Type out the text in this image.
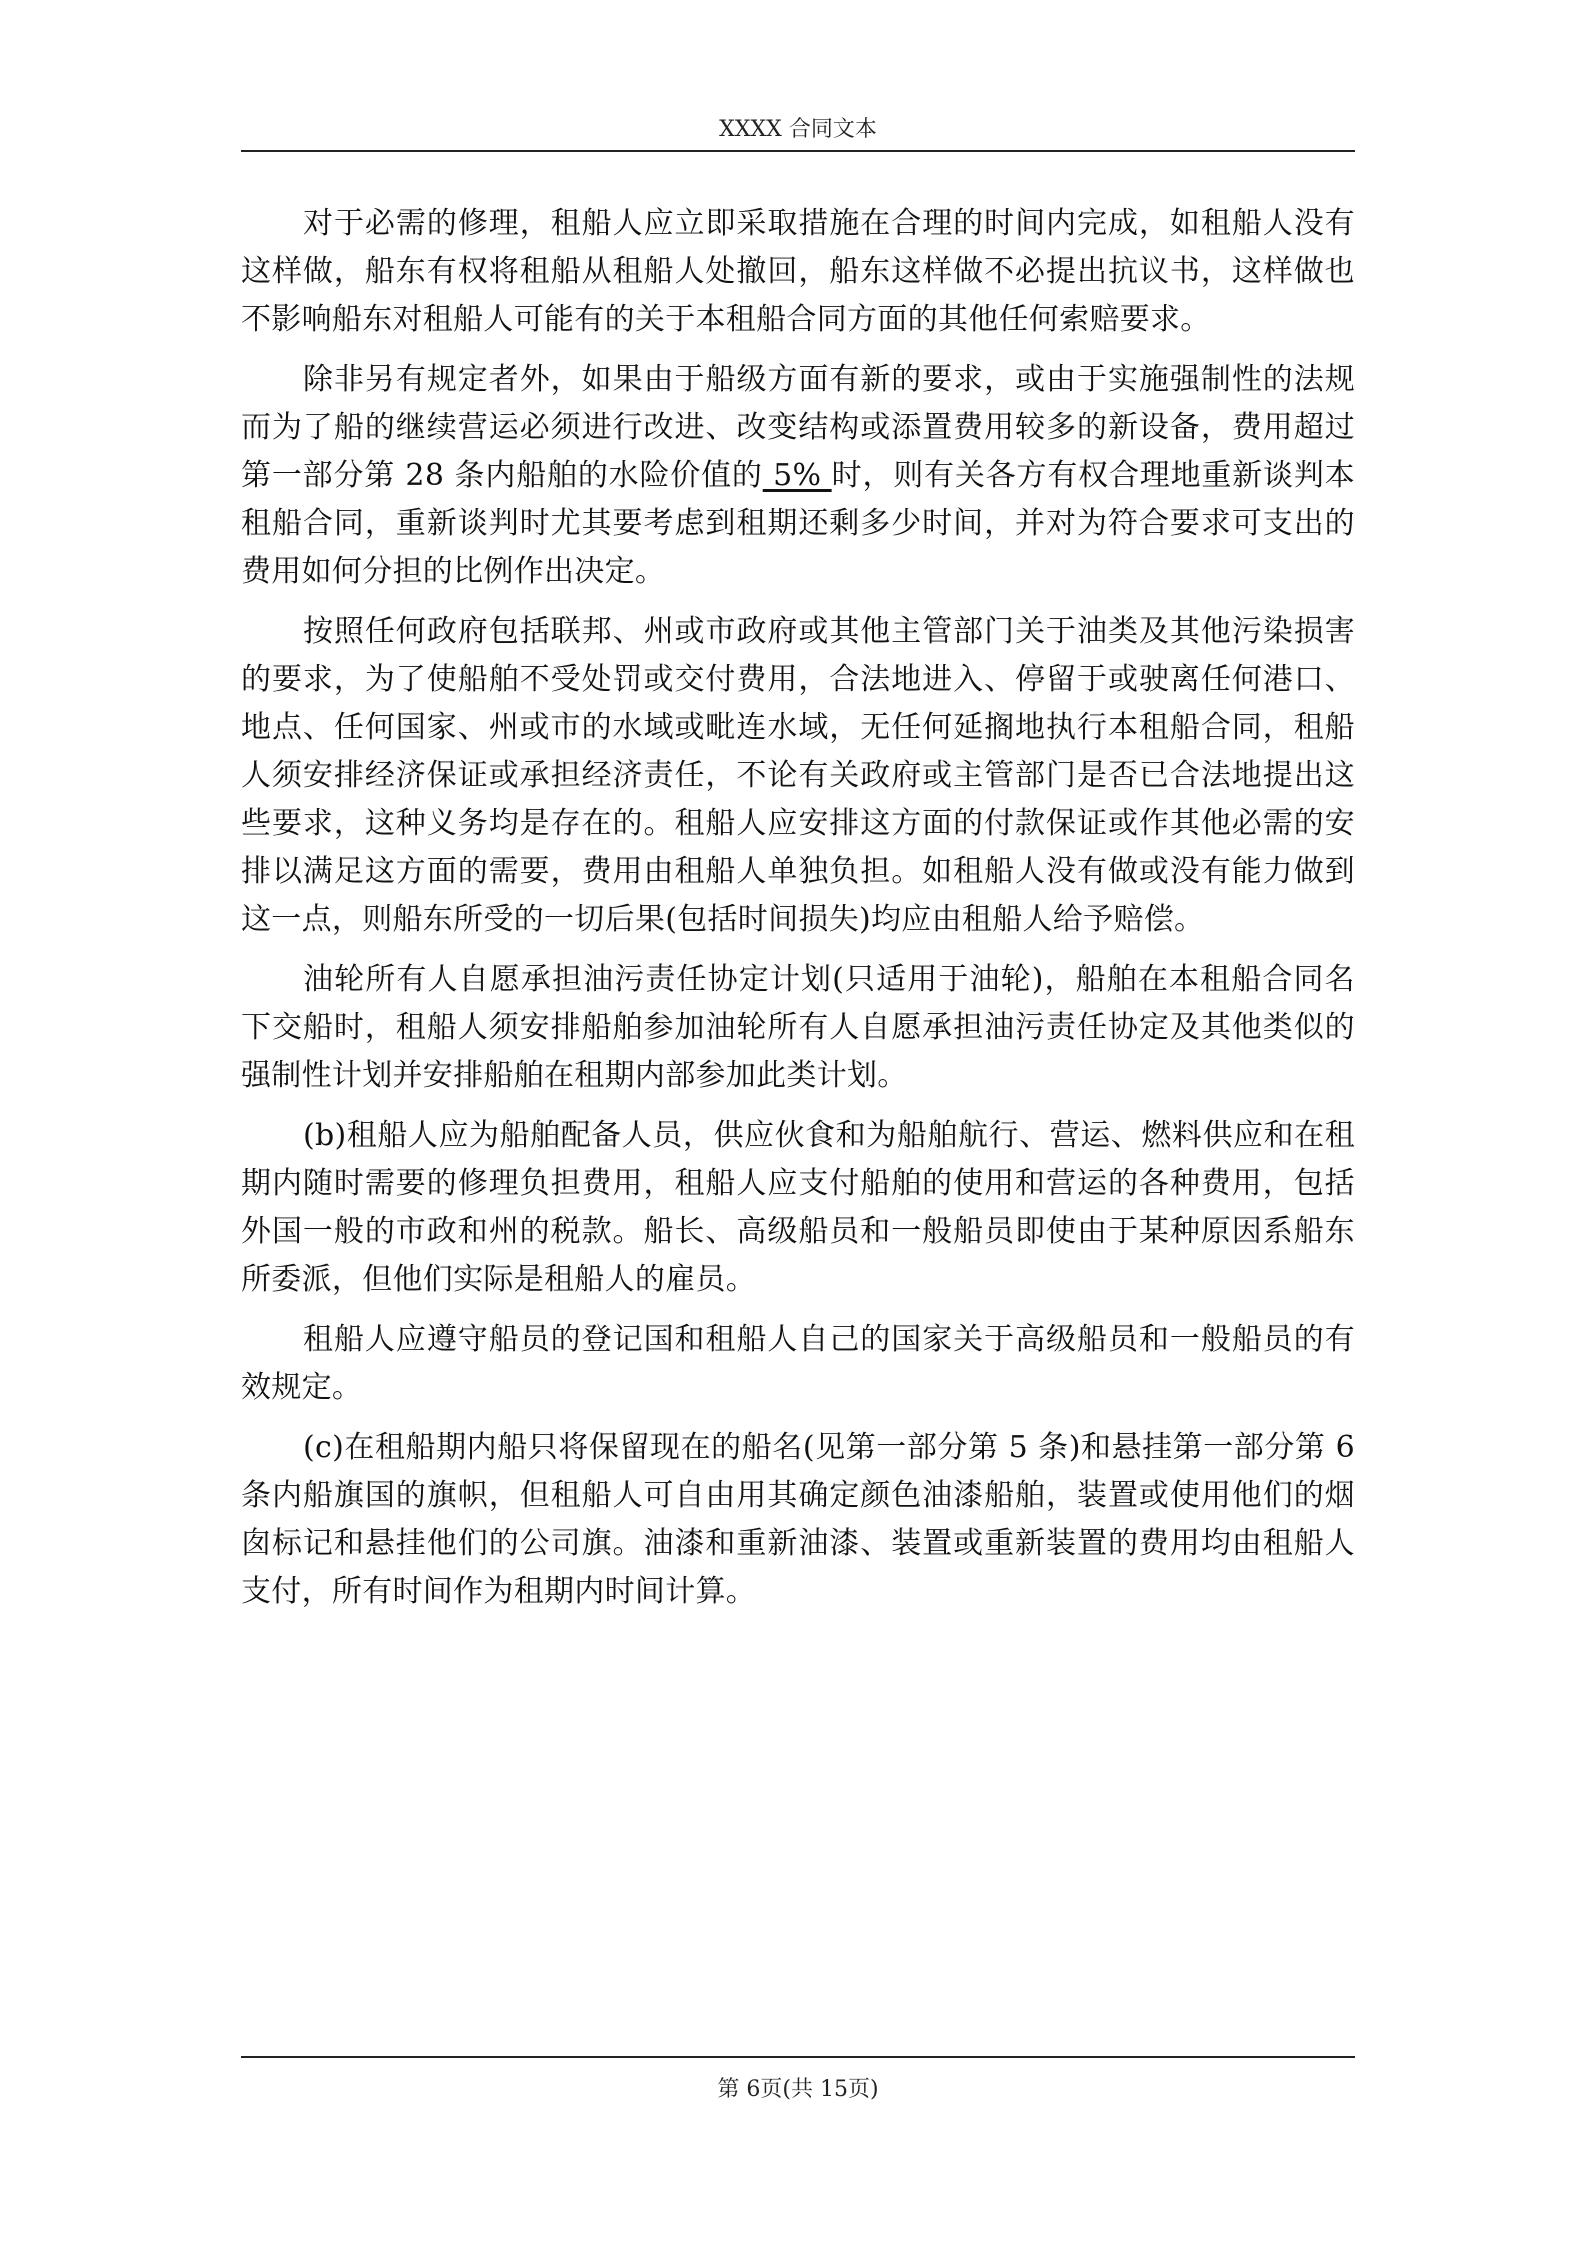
XXXX 合同文本

对于必需的修理，租船人应立即采取措施在合理的时间内完成，如租船人没有这样做，船东有权将租船从租船人处撤回，船东这样做不必提出抗议书，这样做也不影响船东对租船人可能有的关于本租船合同方面的其他任何索赔要求。

除非另有规定者外，如果由于船级方面有新的要求，或由于实施强制性的法规而为了船的继续营运必须进行改进、改变结构或添置费用较多的新设备，费用超过第一部分第 28 条内船舶的水险价值的 5% 时，则有关各方有权合理地重新谈判本租船合同，重新谈判时尤其要考虑到租期还剩多少时间，并对为符合要求可支出的费用如何分担的比例作出决定。

按照任何政府包括联邦、州或市政府或其他主管部门关于油类及其他污染损害的要求，为了使船舶不受处罚或交付费用，合法地进入、停留于或驶离任何港口、地点、任何国家、州或市的水域或毗连水域，无任何延搁地执行本租船合同，租船人须安排经济保证或承担经济责任，不论有关政府或主管部门是否已合法地提出这些要求，这种义务均是存在的。租船人应安排这方面的付款保证或作其他必需的安排以满足这方面的需要，费用由租船人单独负担。如租船人没有做或没有能力做到这一点，则船东所受的一切后果(包括时间损失)均应由租船人给予赔偿。

油轮所有人自愿承担油污责任协定计划(只适用于油轮)，船舶在本租船合同名下交船时，租船人须安排船舶参加油轮所有人自愿承担油污责任协定及其他类似的强制性计划并安排船舶在租期内部参加此类计划。

(b)租船人应为船舶配备人员，供应伙食和为船舶航行、营运、燃料供应和在租期内随时需要的修理负担费用，租船人应支付船舶的使用和营运的各种费用，包括外国一般的市政和州的税款。船长、高级船员和一般船员即使由于某种原因系船东所委派，但他们实际是租船人的雇员。

租船人应遵守船员的登记国和租船人自己的国家关于高级船员和一般船员的有效规定。

(c)在租船期内船只将保留现在的船名(见第一部分第 5 条)和悬挂第一部分第 6 条内船旗国的旗帜，但租船人可自由用其确定颜色油漆船舶，装置或使用他们的烟囱标记和悬挂他们的公司旗。油漆和重新油漆、装置或重新装置的费用均由租船人支付，所有时间作为租期内时间计算。

第 6页(共 15页)
